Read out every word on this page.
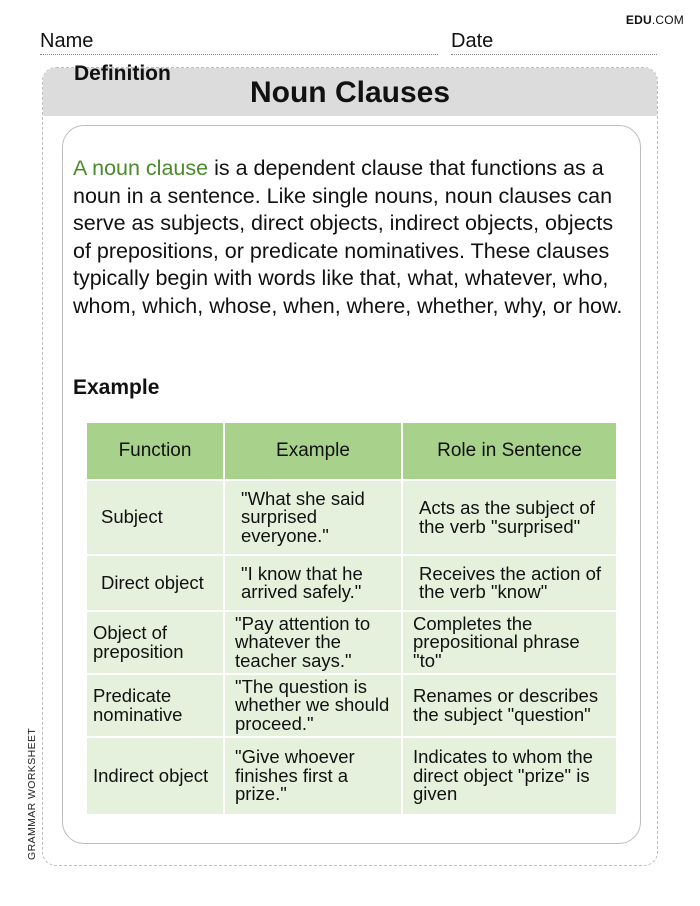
EDU.COM
Name	Date
GRAMMAR WORKSHEET
Noun Clauses
Definition
A noun clause is a dependent clause that functions as a noun in a sentence. Like single nouns, noun clauses can serve as subjects, direct objects, indirect objects, objects of prepositions, or predicate nominatives. These clauses typically begin with words like that, what, whatever, who, whom, which, whose, when, where, whether, why, or how.
Example
Function	Example	Role in Sentence
Subject	"What she said surprised everyone."	Acts as the subject of the verb "surprised"
Direct object	"I know that he arrived safely."	Receives the action of the verb "know"
Object of preposition	"Pay attention to whatever the teacher says."	Completes the prepositional phrase "to"
Predicate nominative	"The question is whether we should proceed."	Renames or describes the subject "question"
Indirect object	"Give whoever finishes first a prize."	Indicates to whom the direct object "prize" is given
